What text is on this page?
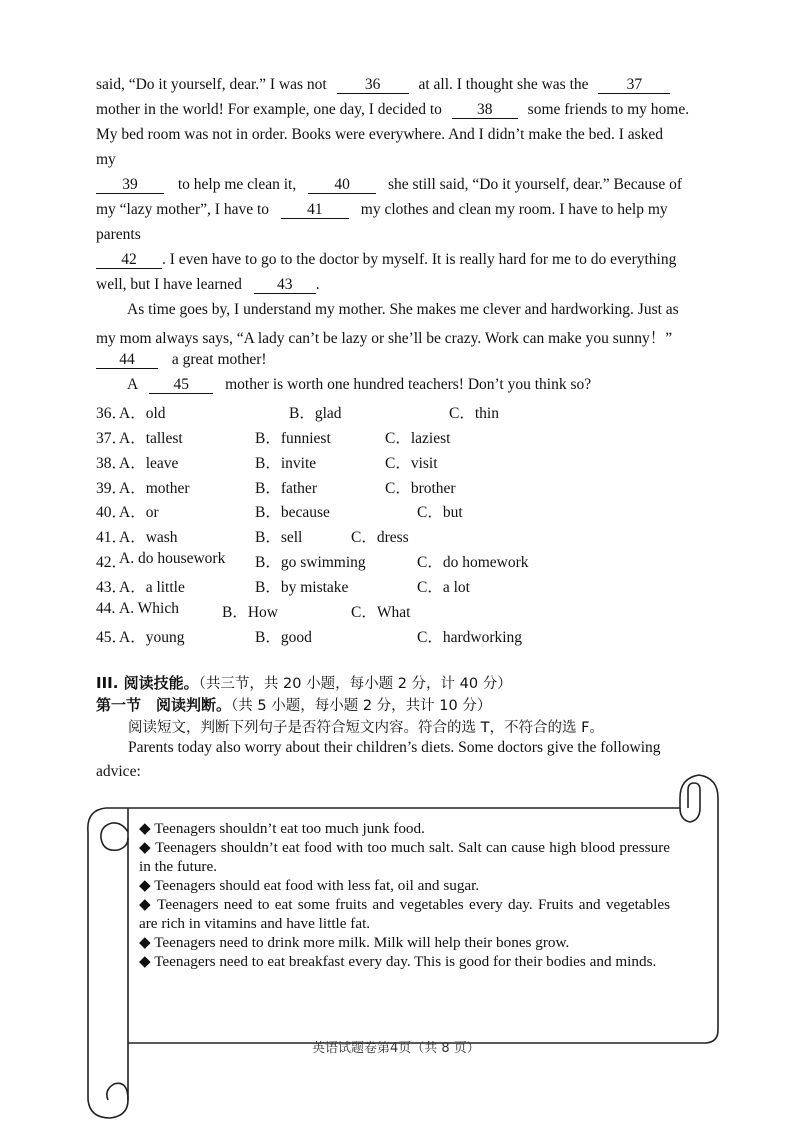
said, “Do it yourself, dear.” I was not 36 at all. I thought she was the 37
mother in the world! For example, one day, I decided to 38 some friends to my home.
My bed room was not in order. Books were everywhere. And I didn’t make the bed. I asked
my
39	to help me clean it, 40 she still said, “Do it yourself, dear.” Because of
my “lazy mother”, I have to 41 my clothes and clean my room. I have to help my
parents
42 . I even have to go to the doctor by myself. It is really hard for me to do everything
well, but I have learned 43 .
As time goes by, I understand my mother. She makes me clever and hardworking. Just as
my mom always says, “A lady can’t be lazy or she’ll be crazy. Work can make you sunny！”
44 a great mother!
A 45 mother is worth one hundred teachers! Don’t you think so?
36．
A．old	B．glad	C．thin
37．
A．tallest	B．funniest	C．laziest
38．
A．leave	B．invite	C．visit
39．
A．mother	B．father	C．brother
40．
A．or	B．because	C．but
41．
A．wash	B．sell	C．dress
42．
A. do housework B．go swimming	C．do homework
43．
A．a little	B．by mistake	C．a lot
44. A. Which	B．How	C．What
45．
A．young	B．good	C．hardworking
III. 阅读技能。（共三节，共 20 小题，每小题 2 分，计 40 分）
第一节　阅读判断。（共 5 小题，每小题 2 分，共计 10 分）
阅读短文，判断下列句子是否符合短文内容。符合的选 T，不符合的选 F。
Parents today also worry about their children’s diets. Some doctors give the following
advice:
◆ Teenagers shouldn’t eat too much junk food.
◆ Teenagers shouldn’t eat food with too much salt. Salt can cause high blood pressure in the future.
◆ Teenagers should eat food with less fat, oil and sugar.
◆ Teenagers need to eat some fruits and vegetables every day. Fruits and vegetables are rich in vitamins and have little fat.
◆ Teenagers need to drink more milk. Milk will help their bones grow.
◆ Teenagers need to eat breakfast every day. This is good for their bodies and minds.
英语试题卷第4页（共 8 页）
